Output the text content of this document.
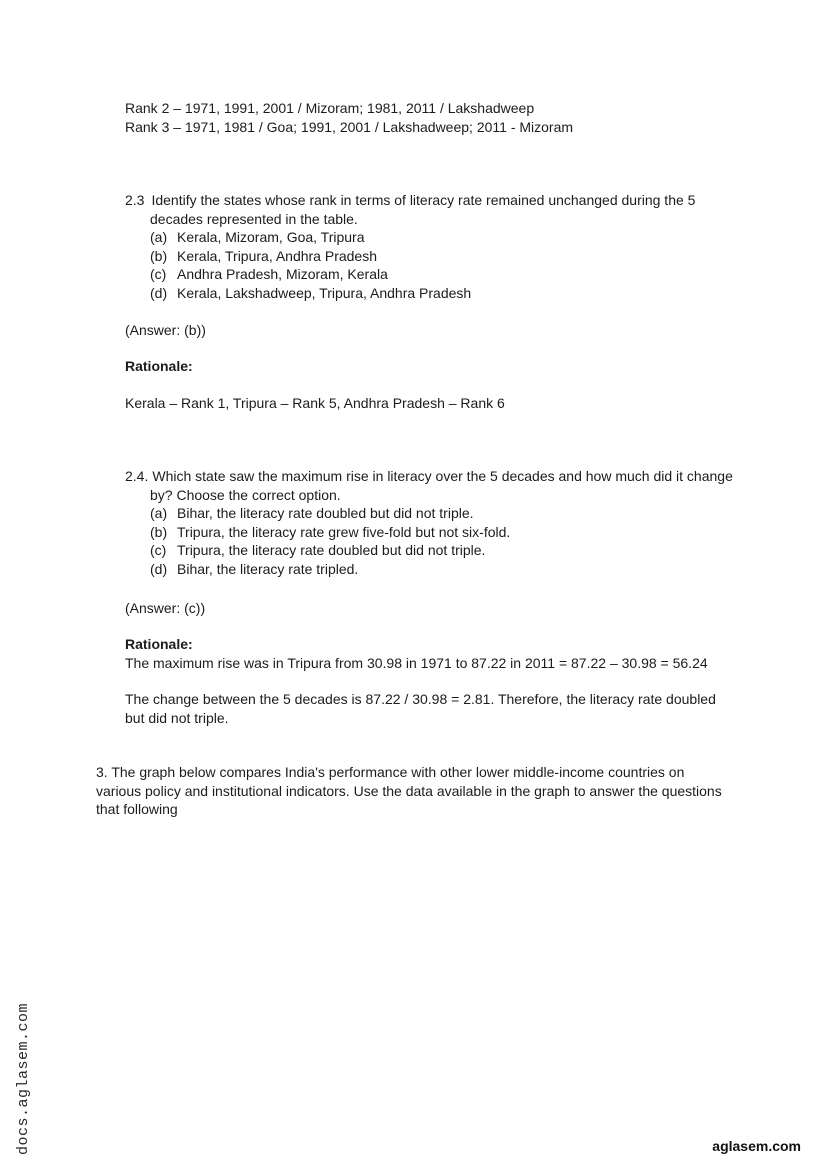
Rank 2 – 1971, 1991, 2001 / Mizoram; 1981, 2011 / Lakshadweep
Rank 3 – 1971, 1981 / Goa; 1991, 2001 / Lakshadweep; 2011 - Mizoram
2.3 Identify the states whose rank in terms of literacy rate remained unchanged during the 5
decades represented in the table.
(a) Kerala, Mizoram, Goa, Tripura
(b) Kerala, Tripura, Andhra Pradesh
(c) Andhra Pradesh, Mizoram, Kerala
(d) Kerala, Lakshadweep, Tripura, Andhra Pradesh
(Answer: (b))
Rationale:
Kerala – Rank 1, Tripura – Rank 5, Andhra Pradesh – Rank 6
2.4. Which state saw the maximum rise in literacy over the 5 decades and how much did it change
by? Choose the correct option.
(a) Bihar, the literacy rate doubled but did not triple.
(b) Tripura, the literacy rate grew five-fold but not six-fold.
(c) Tripura, the literacy rate doubled but did not triple.
(d) Bihar, the literacy rate tripled.
(Answer: (c))
Rationale:
The maximum rise was in Tripura from 30.98 in 1971 to 87.22 in 2011 = 87.22 – 30.98 = 56.24
The change between the 5 decades is 87.22 / 30.98 = 2.81. Therefore, the literacy rate doubled
but did not triple.
3. The graph below compares India's performance with other lower middle-income countries on
various policy and institutional indicators. Use the data available in the graph to answer the questions
that following
docs.aglasem.com	aglasem.com
